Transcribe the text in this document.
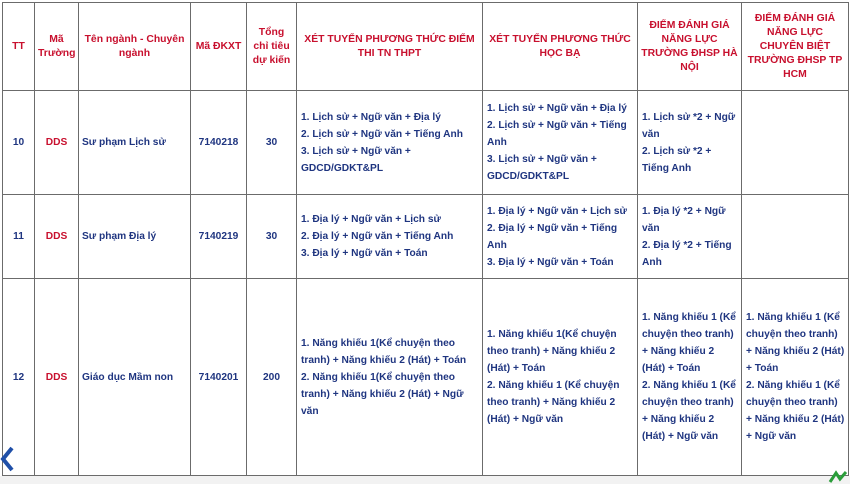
TT	Mã Trường	Tên ngành - Chuyên ngành	Mã ĐKXT	Tổng chỉ tiêu dự kiến	XÉT TUYỂN PHƯƠNG THỨC ĐIỂM THI TN THPT	XÉT TUYỂN PHƯƠNG THỨC HỌC BẠ	ĐIỂM ĐÁNH GIÁ NĂNG LỰC TRƯỜNG ĐHSP HÀ NỘI	ĐIỂM ĐÁNH GIÁ NĂNG LỰC CHUYÊN BIỆT TRƯỜNG ĐHSP TP HCM
10	DDS	Sư phạm Lịch sử	7140218	30	1. Lịch sử + Ngữ văn + Địa lý
2. Lịch sử + Ngữ văn + Tiếng Anh
3. Lịch sử + Ngữ văn + GDCD/GDKT&PL	1. Lịch sử + Ngữ văn + Địa lý
2. Lịch sử + Ngữ văn + Tiếng Anh
3. Lịch sử + Ngữ văn + GDCD/GDKT&PL	1. Lịch sử *2 + Ngữ văn
2. Lịch sử *2 + Tiếng Anh	

11	DDS	Sư phạm Địa lý	7140219	30	1. Địa lý + Ngữ văn + Lịch sử
2. Địa lý + Ngữ văn + Tiếng Anh
3. Địa lý + Ngữ văn + Toán	1. Địa lý + Ngữ văn + Lịch sử
2. Địa lý + Ngữ văn + Tiếng Anh
3. Địa lý + Ngữ văn + Toán	1. Địa lý *2 + Ngữ văn
2. Địa lý *2 + Tiếng Anh	

12	DDS	Giáo dục Mầm non	7140201	200	1. Năng khiếu 1(Kể chuyện theo tranh) + Năng khiếu 2 (Hát) + Toán
2. Năng khiếu 1(Kể chuyện theo tranh) + Năng khiếu 2 (Hát) + Ngữ văn	1. Năng khiếu 1(Kể chuyện theo tranh) + Năng khiếu 2 (Hát) + Toán
2. Năng khiếu 1 (Kể chuyện theo tranh) + Năng khiếu 2 (Hát) + Ngữ văn	1. Năng khiếu 1 (Kể chuyện theo tranh) + Năng khiếu 2 (Hát) + Toán
2. Năng khiếu 1 (Kể chuyện theo tranh) + Năng khiếu 2 (Hát) + Ngữ văn	1. Năng khiếu 1 (Kể chuyện theo tranh) + Năng khiếu 2 (Hát) + Toán
2. Năng khiếu 1 (Kể chuyện theo tranh) + Năng khiếu 2 (Hát) + Ngữ văn
